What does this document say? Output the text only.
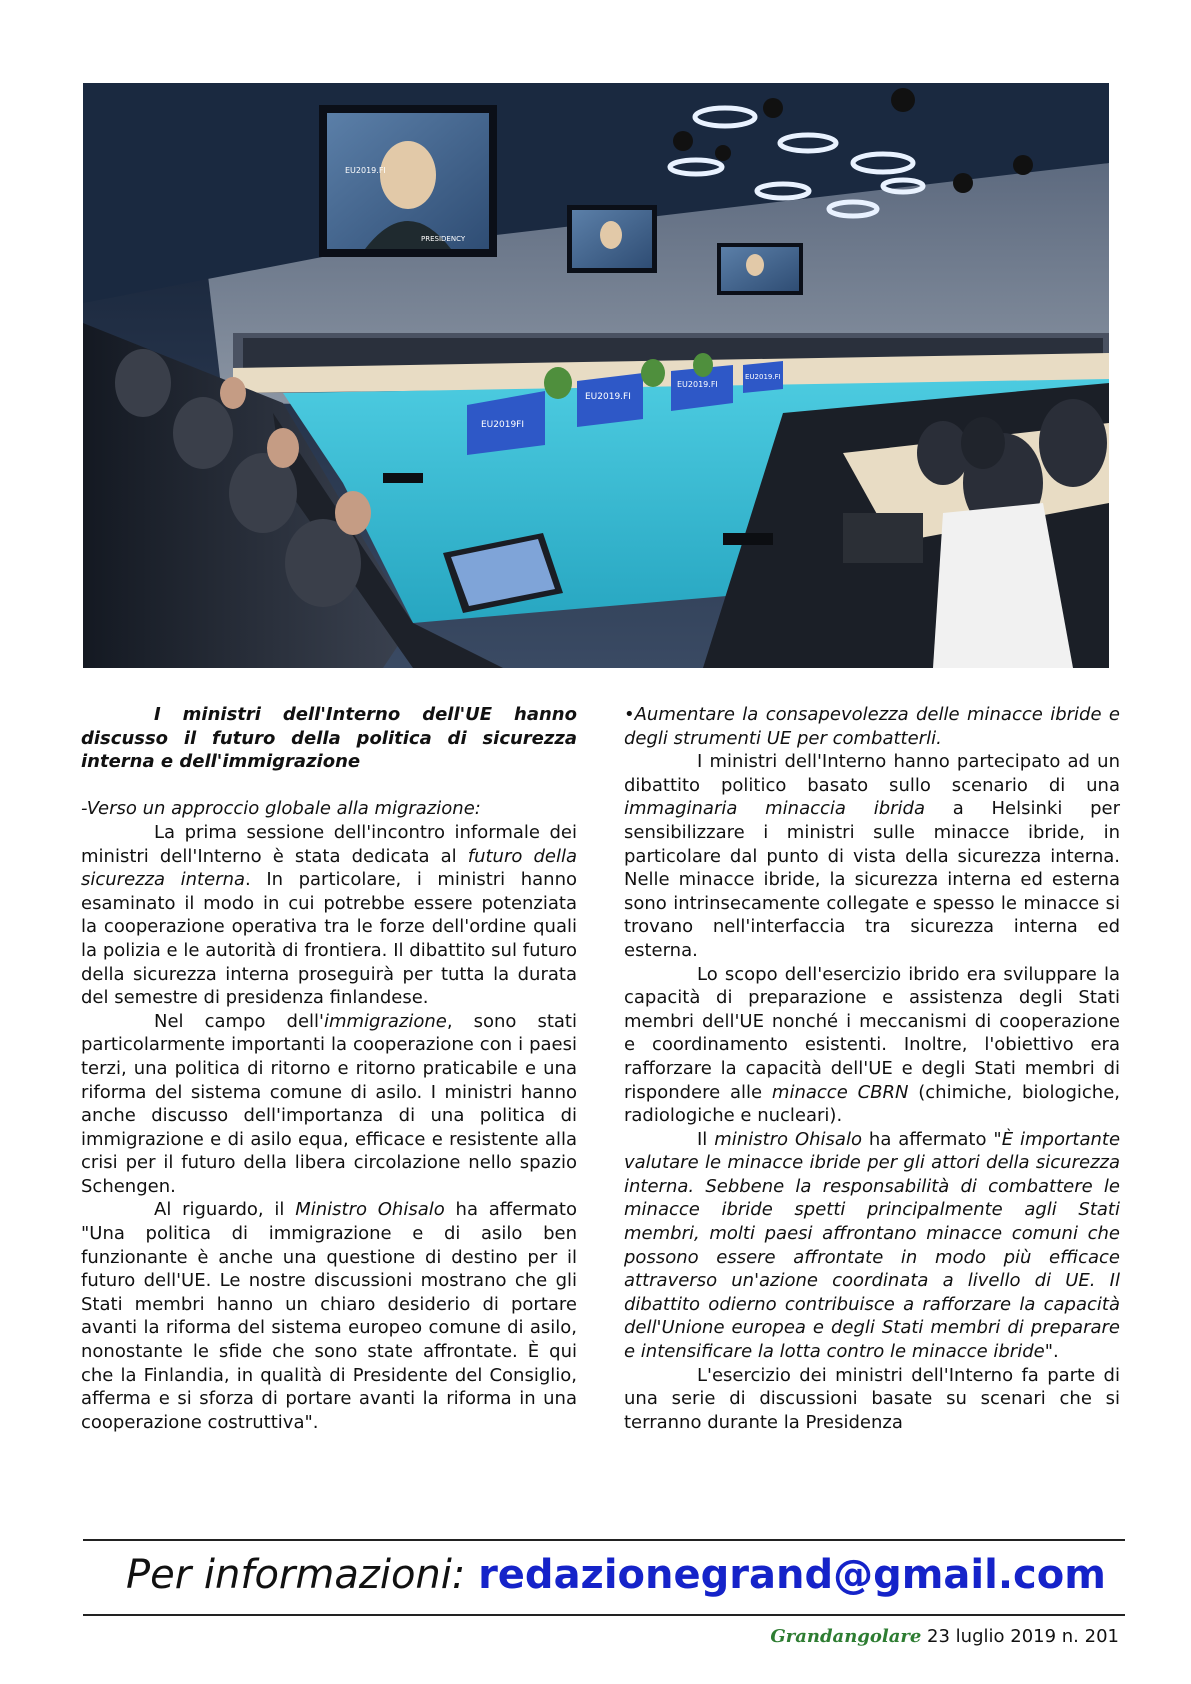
EU2019.FI
PRESIDENCY
EU2019FI
EU2019.FI
EU2019.FI
EU2019.FI

I ministri dell'Interno dell'UE hanno discusso il futuro della politica di sicurezza interna e dell'immigrazione

-Verso un approccio globale alla migrazione:

La prima sessione dell'incontro informale dei ministri dell'Interno è stata dedicata al futuro della sicurezza interna. In particolare, i ministri hanno esaminato il modo in cui potrebbe essere potenziata la cooperazione operativa tra le forze dell'ordine quali la polizia e le autorità di frontiera. Il dibattito sul futuro della sicurezza interna proseguirà per tutta la durata del semestre di presidenza finlandese.

Nel campo dell'immigrazione, sono stati particolarmente importanti la cooperazione con i paesi terzi, una politica di ritorno e ritorno praticabile e una riforma del sistema comune di asilo. I ministri hanno anche discusso dell'importanza di una politica di immigrazione e di asilo equa, efficace e resistente alla crisi per il futuro della libera circolazione nello spazio Schengen.

Al riguardo, il Ministro Ohisalo ha affermato "Una politica di immigrazione e di asilo ben funzionante è anche una questione di destino per il futuro dell'UE. Le nostre discussioni mostrano che gli Stati membri hanno un chiaro desiderio di portare avanti la riforma del sistema europeo comune di asilo, nonostante le sfide che sono state affrontate. È qui che la Finlandia, in qualità di Presidente del Consiglio, afferma e si sforza di portare avanti la riforma in una cooperazione costruttiva".

•Aumentare la consapevolezza delle minacce ibride e degli strumenti UE per combatterli.

I ministri dell'Interno hanno partecipato ad un dibattito politico basato sullo scenario di una immaginaria minaccia ibrida a Helsinki per sensibilizzare i ministri sulle minacce ibride, in particolare dal punto di vista della sicurezza interna. Nelle minacce ibride, la sicurezza interna ed esterna sono intrinsecamente collegate e spesso le minacce si trovano nell'interfaccia tra sicurezza interna ed esterna.

Lo scopo dell'esercizio ibrido era sviluppare la capacità di preparazione e assistenza degli Stati membri dell'UE nonché i meccanismi di cooperazione e coordinamento esistenti. Inoltre, l'obiettivo era rafforzare la capacità dell'UE e degli Stati membri di rispondere alle minacce CBRN (chimiche, biologiche, radiologiche e nucleari).

Il ministro Ohisalo ha affermato "È importante valutare le minacce ibride per gli attori della sicurezza interna. Sebbene la responsabilità di combattere le minacce ibride spetti principalmente agli Stati membri, molti paesi affrontano minacce comuni che possono essere affrontate in modo più efficace attraverso un'azione coordinata a livello di UE. Il dibattito odierno contribuisce a rafforzare la capacità dell'Unione europea e degli Stati membri di preparare e intensificare la lotta contro le minacce ibride".

L'esercizio dei ministri dell'Interno fa parte di una serie di discussioni basate su scenari che si terranno durante la Presidenza

Per informazioni: redazionegrand@gmail.com
Grandangolare 23 luglio 2019 n. 201
